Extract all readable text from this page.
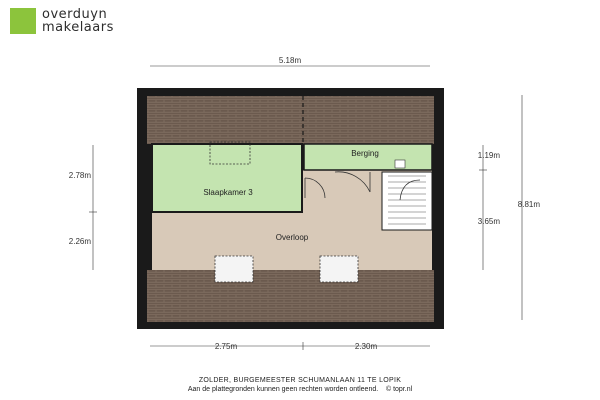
overduyn
makelaars
Slaapkamer 3
Berging
Overloop
5.18m
2.78m
2.26m
1.19m
3.65m
8.81m
2.75m	2.30m
ZOLDER, BURGEMEESTER SCHUMANLAAN 11 TE LOPIK
Aan de plattegronden kunnen geen rechten worden ontleend. © topr.nl
